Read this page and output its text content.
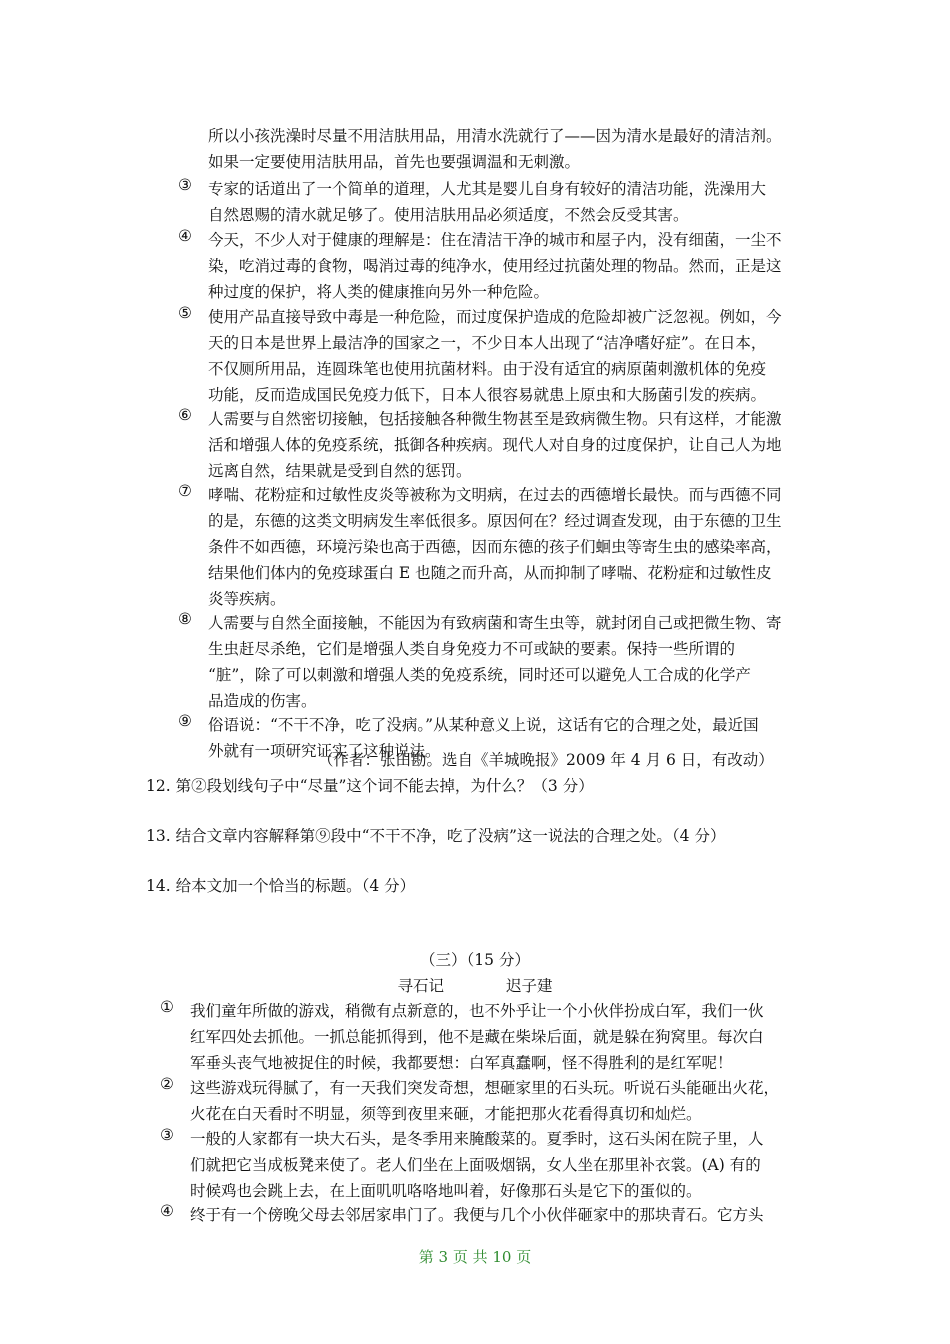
所以小孩洗澡时尽量不用洁肤用品，用清水洗就行了——因为清水是最好的清洁剂。
如果一定要使用洁肤用品，首先也要强调温和无刺激。
③	专家的话道出了一个简单的道理，人尤其是婴儿自身有较好的清洁功能，洗澡用大
自然恩赐的清水就足够了。使用洁肤用品必须适度，不然会反受其害。
④	今天，不少人对于健康的理解是：住在清洁干净的城市和屋子内，没有细菌，一尘不
染，吃消过毒的食物，喝消过毒的纯净水，使用经过抗菌处理的物品。然而，正是这
种过度的保护，将人类的健康推向另外一种危险。
⑤	使用产品直接导致中毒是一种危险，而过度保护造成的危险却被广泛忽视。例如，今
天的日本是世界上最洁净的国家之一，不少日本人出现了“洁净嗜好症”。在日本，
不仅厕所用品，连圆珠笔也使用抗菌材料。由于没有适宜的病原菌刺激机体的免疫
功能，反而造成国民免疫力低下，日本人很容易就患上原虫和大肠菌引发的疾病。
⑥	人需要与自然密切接触，包括接触各种微生物甚至是致病微生物。只有这样，才能激
活和增强人体的免疫系统，抵御各种疾病。现代人对自身的过度保护，让自己人为地
远离自然，结果就是受到自然的惩罚。
⑦	哮喘、花粉症和过敏性皮炎等被称为文明病，在过去的西德增长最快。而与西德不同
的是，东德的这类文明病发生率低很多。原因何在？经过调查发现，由于东德的卫生
条件不如西德，环境污染也高于西德，因而东德的孩子们蛔虫等寄生虫的感染率高，
结果他们体内的免疫球蛋白 E 也随之而升高，从而抑制了哮喘、花粉症和过敏性皮
炎等疾病。
⑧	人需要与自然全面接触，不能因为有致病菌和寄生虫等，就封闭自己或把微生物、寄
生虫赶尽杀绝，它们是增强人类自身免疫力不可或缺的要素。保持一些所谓的
“脏”，除了可以刺激和增强人类的免疫系统，同时还可以避免人工合成的化学产
品造成的伤害。
⑨	俗语说：“不干不净，吃了没病。”从某种意义上说，这话有它的合理之处，最近国
外就有一项研究证实了这种说法。
（作者：张田勘。选自《羊城晚报》2009 年 4 月 6 日，有改动）
12. 第②段划线句子中“尽量”这个词不能去掉，为什么？（3 分）
13. 结合文章内容解释第⑨段中“不干不净，吃了没病”这一说法的合理之处。（4 分）
14. 给本文加一个恰当的标题。（4 分）
（三）（15 分）
寻石记	迟子建
①	我们童年所做的游戏，稍微有点新意的，也不外乎让一个小伙伴扮成白军，我们一伙
红军四处去抓他。一抓总能抓得到，他不是藏在柴垛后面，就是躲在狗窝里。每次白
军垂头丧气地被捉住的时候，我都要想：白军真蠢啊，怪不得胜利的是红军呢！
②	这些游戏玩得腻了，有一天我们突发奇想，想砸家里的石头玩。听说石头能砸出火花，
火花在白天看时不明显，须等到夜里来砸，才能把那火花看得真切和灿烂。
③	一般的人家都有一块大石头，是冬季用来腌酸菜的。夏季时，这石头闲在院子里，人
们就把它当成板凳来使了。老人们坐在上面吸烟锅，女人坐在那里补衣裳。(A) 有的
时候鸡也会跳上去，在上面叽叽咯咯地叫着，好像那石头是它下的蛋似的。
④	终于有一个傍晚父母去邻居家串门了。我便与几个小伙伴砸家中的那块青石。它方头
第 3 页 共 10 页
